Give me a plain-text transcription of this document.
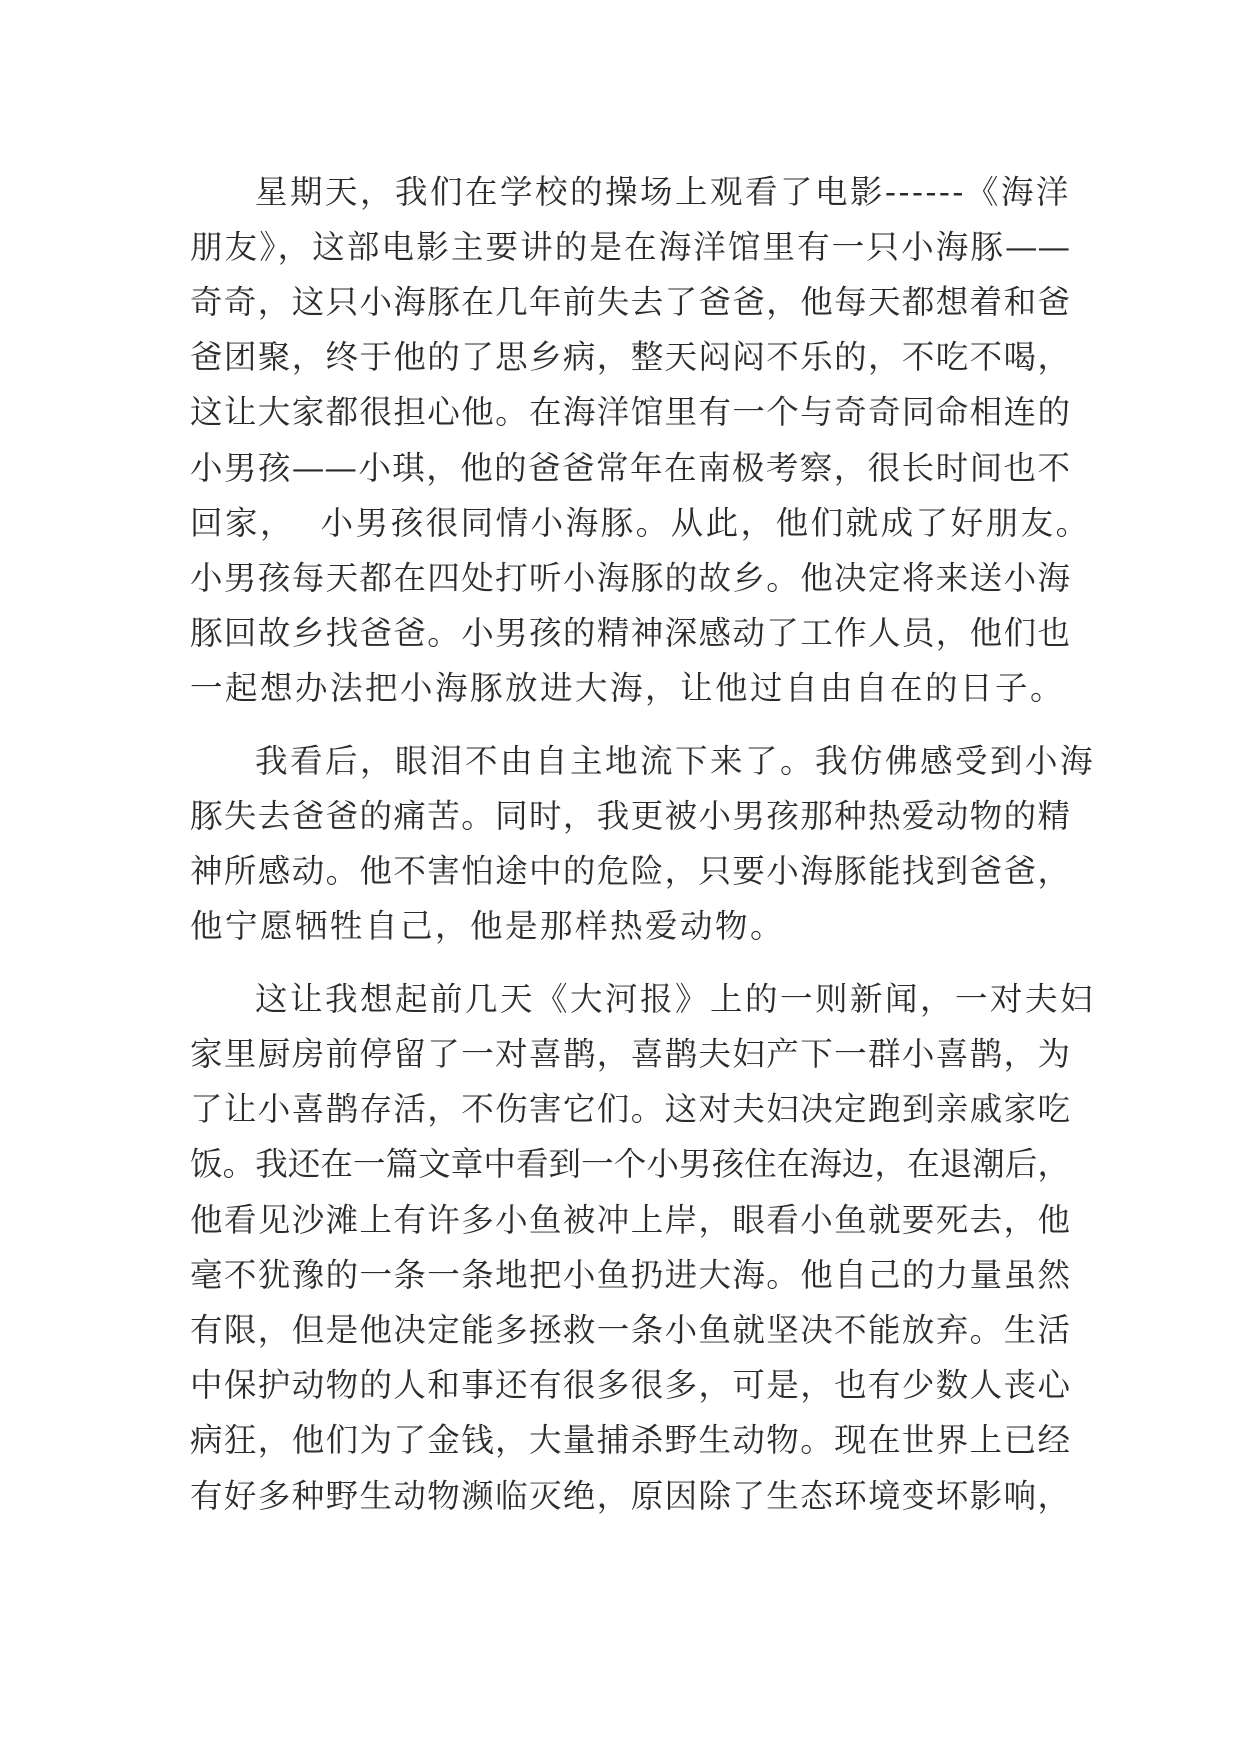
星期天，我们在学校的操场上观看了电影------《海洋
朋友》，这部电影主要讲的是在海洋馆里有一只小海豚——
奇奇，这只小海豚在几年前失去了爸爸，他每天都想着和爸
爸团聚，终于他的了思乡病，整天闷闷不乐的，不吃不喝，
这让大家都很担心他。在海洋馆里有一个与奇奇同命相连的
小男孩——小琪，他的爸爸常年在南极考察，很长时间也不
回家，  小男孩很同情小海豚。从此，他们就成了好朋友。
小男孩每天都在四处打听小海豚的故乡。他决定将来送小海
豚回故乡找爸爸。小男孩的精神深感动了工作人员，他们也
一起想办法把小海豚放进大海，让他过自由自在的日子。
我看后，眼泪不由自主地流下来了。我仿佛感受到小海
豚失去爸爸的痛苦。同时，我更被小男孩那种热爱动物的精
神所感动。他不害怕途中的危险，只要小海豚能找到爸爸，
他宁愿牺牲自己，他是那样热爱动物。
这让我想起前几天《大河报》上的一则新闻，一对夫妇
家里厨房前停留了一对喜鹊，喜鹊夫妇产下一群小喜鹊，为
了让小喜鹊存活，不伤害它们。这对夫妇决定跑到亲戚家吃
饭。我还在一篇文章中看到一个小男孩住在海边，在退潮后，
他看见沙滩上有许多小鱼被冲上岸，眼看小鱼就要死去，他
毫不犹豫的一条一条地把小鱼扔进大海。他自己的力量虽然
有限，但是他决定能多拯救一条小鱼就坚决不能放弃。生活
中保护动物的人和事还有很多很多，可是，也有少数人丧心
病狂，他们为了金钱，大量捕杀野生动物。现在世界上已经
有好多种野生动物濒临灭绝，原因除了生态环境变坏影响，
